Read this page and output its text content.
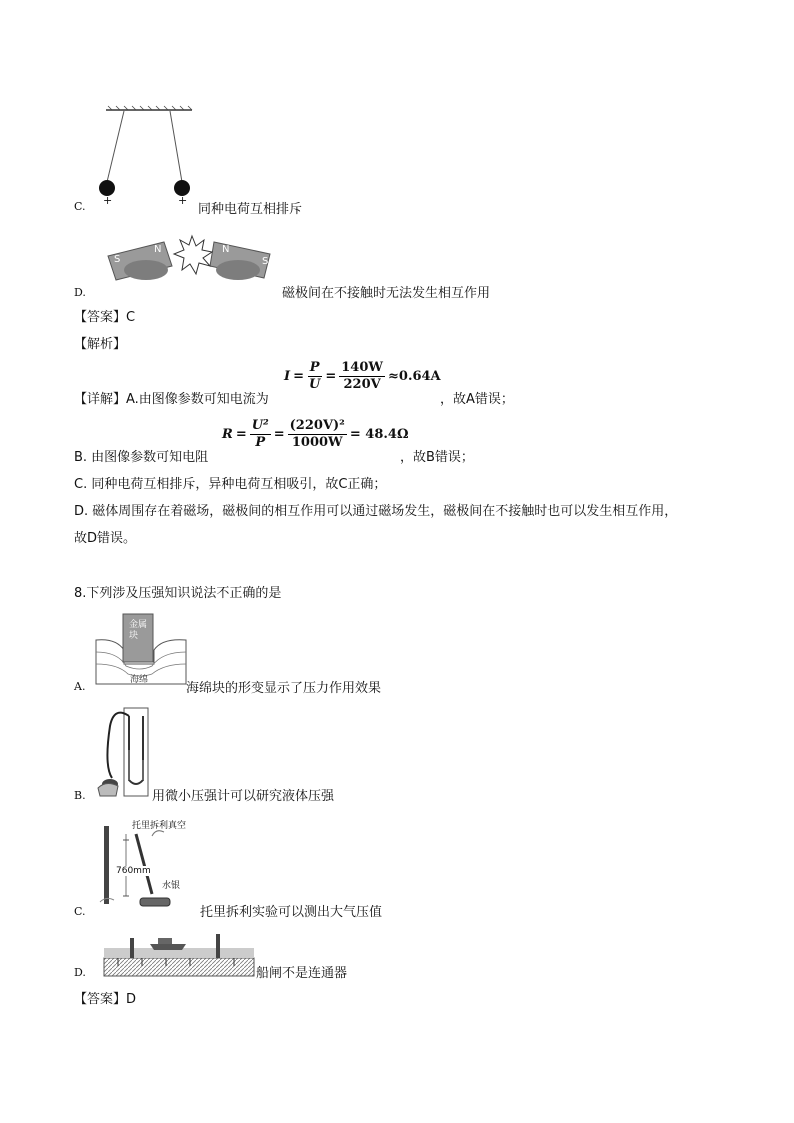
+	+
C.	同种电荷互相排斥
S
N	N
S
D.	磁极间在不接触时无法发生相互作用
【答案】C
【解析】
【详解】A.由图像参数可知电流为
$I = \frac{P}{U} = \frac{140W}{220V} \approx 0.64A$
，故A错误；
B. 由图像参数可知电阻
$R = \frac{\text{U²}}{P} = \frac{\text{(220V)²}}{1000W} = 48.4\Omega$
，故B错误；
C. 同种电荷互相排斥，异种电荷互相吸引，故C正确；
D. 磁体周围存在着磁场，磁极间的相互作用可以通过磁场发生，磁极间在不接触时也可以发生相互作用，
故D错误。
8.下列涉及压强知识说法不正确的是
金属块
海绵
A.	海绵块的形变显示了压力作用效果
B.	用微小压强计可以研究液体压强
托里拆利真空
760mm
水银
C.	托里拆利实验可以测出大气压值
D.	船闸不是连通器
【答案】D
